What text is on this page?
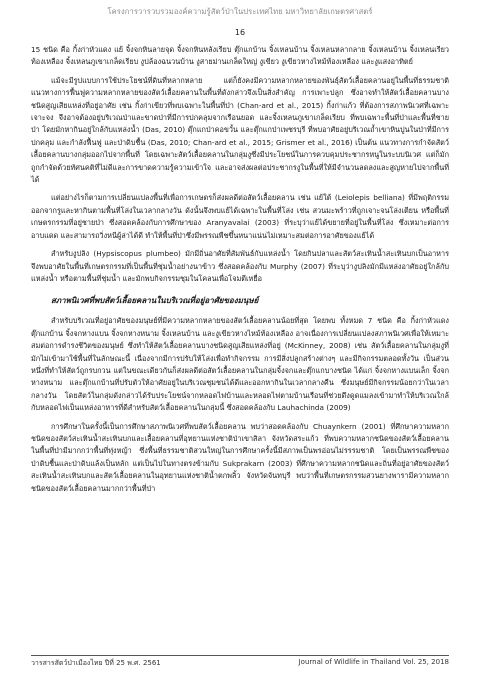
โครงการวารวบรวมองค์ความรู้สัตว์ป่าในประเทศไทย มหาวิทยาลัยเกษตรศาสตร์
16

15 ชนิด คือ กิ้งก่าหัวแดง แย้ จิ้งจกหินลายจุด จิ้งจกหินหลังเรียบ ตุ๊กแกบ้าน จิ้งเหลนบ้าน จิ้งเหลนหลากลาย จิ้งเหลนบ้าน จิ้งเหลนเรียวท้องเหลือง จิ้งเหลนภูเขาเกล็ดเรียบ งูปล้องฉนวนบ้าน งูสายม่านเกล็ดใหญ่ งูเขียว งูเขียวหางไหม้ท้องเหลือง และงูแสงอาทิตย์

แม้จะมีรูปแบบการใช้ประโยชน์ที่ดินที่หลากหลาย แต่ก็ยังคงมีความหลากหลายของพันธุ์สัตว์เลื้อยคลานอยู่ในพื้นที่ธรรมชาติ แนวทางการฟื้นฟูความหลากหลายของสัตว์เลื้อยคลานในพื้นที่ดังกล่าวจึงเป็นสิ่งสำคัญ การเพาะปลูก ซึ่งอาจทำให้สัตว์เลื้อยคลานบางชนิดสูญเสียแหล่งที่อยู่อาศัย เช่น กิ้งก่าเขียวที่พบเฉพาะในพื้นที่ป่า (Chan-ard et al., 2015) กิ้งก่าแก้ว ที่ต้องการสภาพนิเวศที่เฉพาะเจาะจง จึงอาจต้องอยู่บริเวณป่าและขาดป่าที่มีการปกคลุมจากเรือนยอด และจิ้งเหลนภูเขาเกล็ดเรียบ ที่พบเฉพาะพื้นที่ป่าและพื้นที่ชายป่า โดยมักหากินอยู่ใกล้กับแหล่งน้ำ (Das, 2010) ตุ๊กแกป่าคอขวั้น และตุ๊กแกป่าเพชรบุรี ที่พบอาศัยอยู่บริเวณถ้ำเขาหินปูนในป่าที่มีการปกคลุม และกำลังฟื้นฟู และป่าดิบชื้น (Das, 2010; Chan-ard et al., 2015; Grismer et al., 2016) เป็นต้น แนวทางการกำจัดสัตว์เลื้อยคลานบางกลุ่มออกไปจากพื้นที่ โดยเฉพาะสัตว์เลื้อยคลานในกลุ่มงูซึ่งมีประโยชน์ในการควบคุมประชากรหนูในระบบนิเวศ แต่ก็มักถูกกำจัดด้วยทัศนคติที่ไม่ดีและการขาดความรู้ความเข้าใจ และอาจส่งผลต่อประชากรงูในพื้นที่ให้มีจำนวนลดลงและสูญหายไปจากพื้นที่ได้

แต่อย่างไรก็ตามการเปลี่ยนแปลงพื้นที่เพื่อการเกษตรก็ส่งผลดีต่อสัตว์เลื้อยคลาน เช่น แย้ใต้ (Leiolepis belliana) ที่มีพฤติกรรมออกจากรูและหากินตามพื้นที่โล่งในเวลากลางวัน ดังนั้นจึงพบแย้ได้เฉพาะในพื้นที่โล่ง เช่น สวนมะพร้าวที่ถูกเจาะจนโล่งเตียน หรือพื้นที่เกษตรกรรมที่อยู่ชายป่า ซึ่งสอดคล้องกับการศึกษาของ Aranyavalai (2003) ที่ระบุว่าแย้ได้ขยายที่อยู่ในพื้นที่โล่ง ซึ่งเหมาะต่อการอาบแดด และสามารถวิ่งหนีผู้ล่าได้ดี ทำให้พื้นที่ป่าซึ่งมีพรรณพืชขึ้นหนาแน่นไม่เหมาะสมต่อการอาศัยของแย้ได้

สำหรับงูปลิง (Hypsiscopus plumbeo) มักมีถิ่นอาศัยที่สัมพันธ์กับแหล่งน้ำ โดยกินปลาและสัตว์สะเทินน้ำสะเทินบกเป็นอาหาร จึงพบอาศัยในพื้นที่เกษตรกรรมที่เป็นพื้นที่ชุ่มน้ำอย่างนาข้าว ซึ่งสอดคล้องกับ Murphy (2007) ที่ระบุว่างูปลิงมักมีแหล่งอาศัยอยู่ใกล้กับแหล่งน้ำ หรือตามพื้นที่ชุ่มน้ำ และมักพบกิจกรรมชุมในโคลนเพื่อโจมตีเหยื่อ

สภาพนิเวศที่พบสัตว์เลื้อยคลานในบริเวณที่อยู่อาศัยของมนุษย์

สำหรับบริเวณที่อยู่อาศัยของมนุษย์ที่มีความหลากหลายของสัตว์เลื้อยคลานน้อยที่สุด โดยพบ ทั้งหมด 7 ชนิด คือ กิ้งก่าหัวแดง ตุ๊กแกบ้าน จิ้งจกหางแบน จิ้งจกหางหนาม จิ้งเหลนบ้าน และงูเขียวหางไหม้ท้องเหลือง อาจเนื่องการเปลี่ยนแปลงสภาพนิเวศเพื่อให้เหมาะสมต่อการดำรงชีวิตของมนุษย์ ซึ่งทำให้สัตว์เลื้อยคลานบางชนิดสูญเสียแหล่งที่อยู่ (McKinney, 2008) เช่น สัตว์เลื้อยคลานในกลุ่มงูที่มักไม่เข้ามาใช้พื้นที่ในลักษณะนี้ เนื่องจากมีการปรับให้โล่งเพื่อทำกิจกรรม การมีสิ่งปลูกสร้างต่างๆ และมีกิจกรรมตลอดทั้งวัน เป็นส่วนหนึ่งที่ทำให้สัตว์ถูกรบกวน แต่ในขณะเดียวกันก็ส่งผลดีต่อสัตว์เลื้อยคลานในกลุ่มจิ้งจกและตุ๊กแกบางชนิด ได้แก่ จิ้งจกหางแบนเล็ก จิ้งจกหางหนาม และตุ๊กแกบ้านที่ปรับตัวให้อาศัยอยู่ในบริเวณชุมชนได้ดีและออกหากินในเวลากลางคืน ซึ่งมนุษย์มีกิจกรรมน้อยกว่าในเวลากลางวัน โดยสัตว์ในกลุ่มดังกล่าวได้รับประโยชน์จากหลอดไฟบ้านและหลอดไฟตามบ้านเรือนที่ช่วยดึงดูดแมลงเข้ามาทำให้บริเวณใกล้กับหลอดไฟเป็นแหล่งอาหารที่ดีสำหรับสัตว์เลื้อยคลานในกลุ่มนี้ ซึ่งสอดคล้องกับ Lauhachinda (2009)

การศึกษาในครั้งนี้เป็นการศึกษาสภาพนิเวศที่พบสัตว์เลื้อยคลาน พบว่าสอดคล้องกับ Chuaynkern (2001) ที่ศึกษาความหลากชนิดของสัตว์สะเทินน้ำสะเทินบกและเลื้อยคลานที่อุทยานแห่งชาติป่าเขาสิลา จังหวัดสระแก้ว ที่พบความหลากชนิดของสัตว์เลื้อยคลานในพื้นที่ป่ามีมากกว่าพื้นที่ทุ่งหญ้า ซึ่งพื้นที่ธรรมชาติสวนใหญ่ในการศึกษาครั้งนี้มีสภาพเป็นพรอ่อนไม่รรรมชาติ โดยเป็นพรรณพืชของป่าดิบชื้นและป่าดิบแล้งเป็นหลัก แต่เป็นไปในทางตรงข้ามกับ Sukprakarn (2003) ที่ศึกษาความหลากชนิดและถิ่นที่อยู่อาศัยของสัตว์สะเทินน้ำสะเทินบกและสัตว์เลื้อยคลานในอุทยานแห่งชาติน้ำตกพลิ้ว จังหวัดจันทบุรี พบว่าพื้นที่เกษตรกรรมสวนยางพารามีความหลากชนิดของสัตว์เลื้อยคลานมากกว่าพื้นที่ป่า

วารสารสัตว์ป่าเมืองไทย ปีที่ 25 พ.ศ. 2561	Journal of Wildlife in Thailand Vol. 25, 2018
